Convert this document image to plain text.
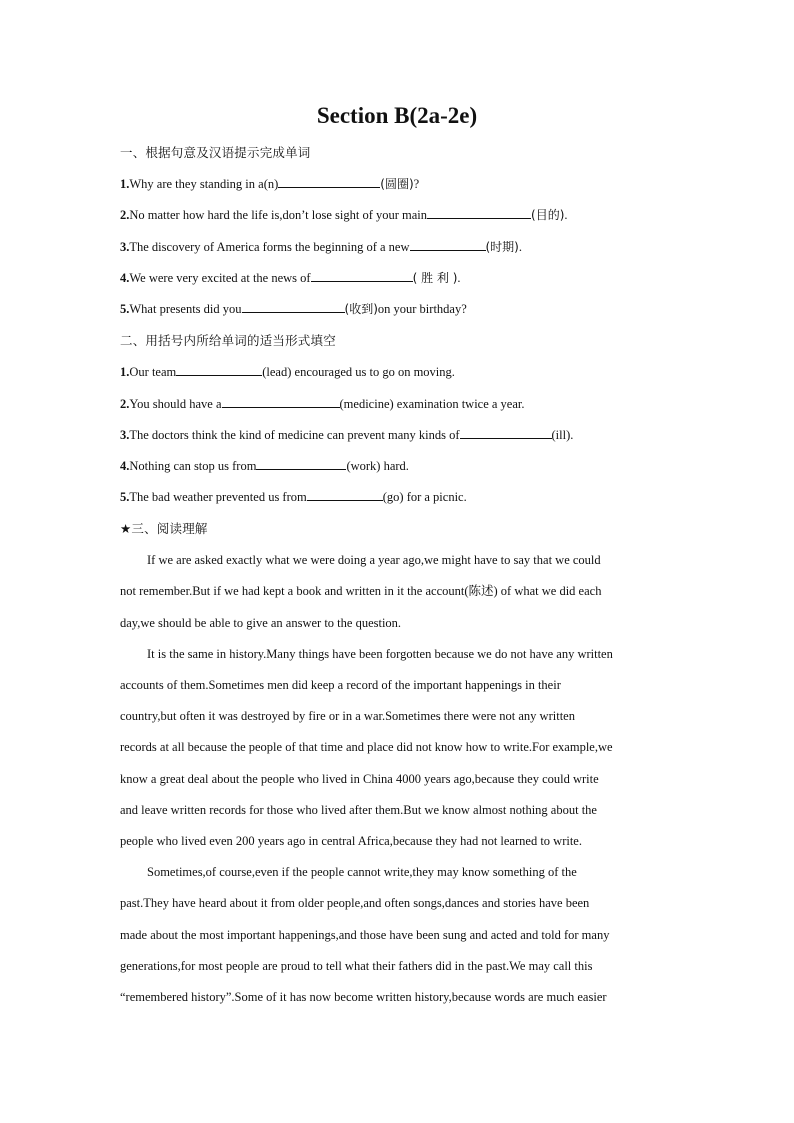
Section B(2a-2e)
一、根据句意及汉语提示完成单词
1.Why are they standing in a(n)	(圆圈)?
2.No matter how hard the life is,don’t lose sight of your main	(目的).
3.The discovery of America forms the beginning of a new	(时期).
4.We were very excited at the news of	( 胜 利 ).
5.What presents did you	(收到)on your birthday?
二、用括号内所给单词的适当形式填空
1.Our team	(lead) encouraged us to go on moving.
2.You should have a	(medicine) examination twice a year.
3.The doctors think the kind of medicine can prevent many kinds of	(ill).
4.Nothing can stop us from	(work) hard.
5.The bad weather prevented us from	(go) for a picnic.
★三、阅读理解
If we are asked exactly what we were doing a year ago,we might have to say that we could
not remember.But if we had kept a book and written in it the account(陈述) of what we did each
day,we should be able to give an answer to the question.
It is the same in history.Many things have been forgotten because we do not have any written
accounts of them.Sometimes men did keep a record of the important happenings in their
country,but often it was destroyed by fire or in a war.Sometimes there were not any written
records at all because the people of that time and place did not know how to write.For example,we
know a great deal about the people who lived in China 4000 years ago,because they could write
and leave written records for those who lived after them.But we know almost nothing about the
people who lived even 200 years ago in central Africa,because they had not learned to write.
Sometimes,of course,even if the people cannot write,they may know something of the
past.They have heard about it from older people,and often songs,dances and stories have been
made about the most important happenings,and those have been sung and acted and told for many
generations,for most people are proud to tell what their fathers did in the past.We may call this
“remembered history”.Some of it has now become written history,because words are much easier
